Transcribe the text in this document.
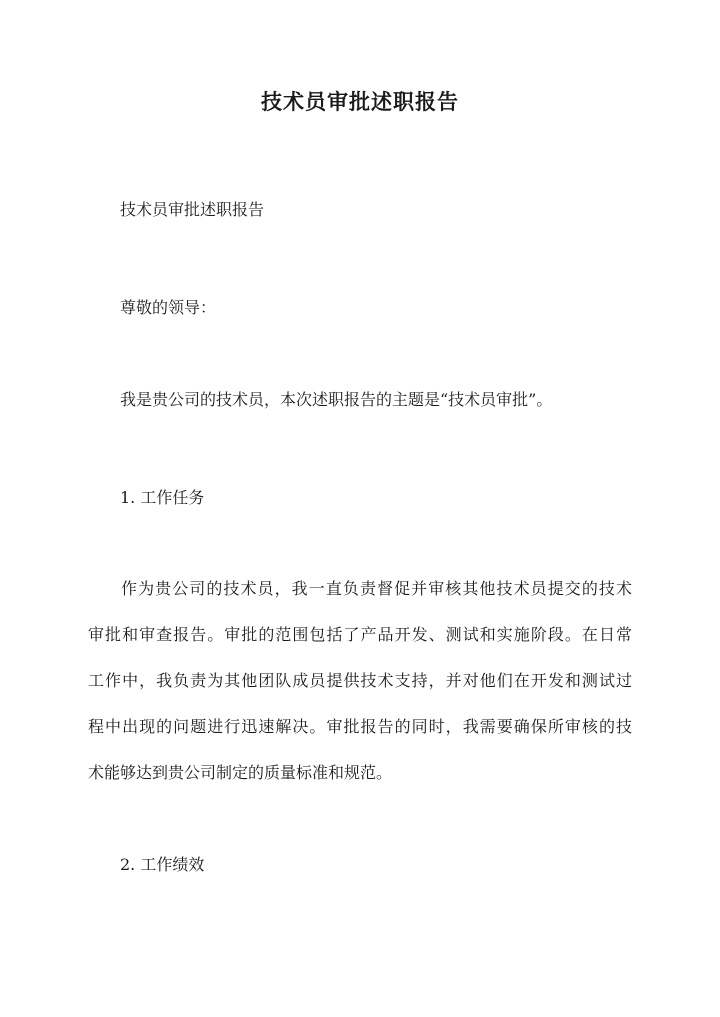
技术员审批述职报告

技术员审批述职报告

尊敬的领导：

我是贵公司的技术员，本次述职报告的主题是“技术员审批”。

1. 工作任务

作为贵公司的技术员，我一直负责督促并审核其他技术员提交的技术
审批和审查报告。审批的范围包括了产品开发、测试和实施阶段。在日常
工作中，我负责为其他团队成员提供技术支持，并对他们在开发和测试过
程中出现的问题进行迅速解决。审批报告的同时，我需要确保所审核的技
术能够达到贵公司制定的质量标准和规范。

2. 工作绩效
